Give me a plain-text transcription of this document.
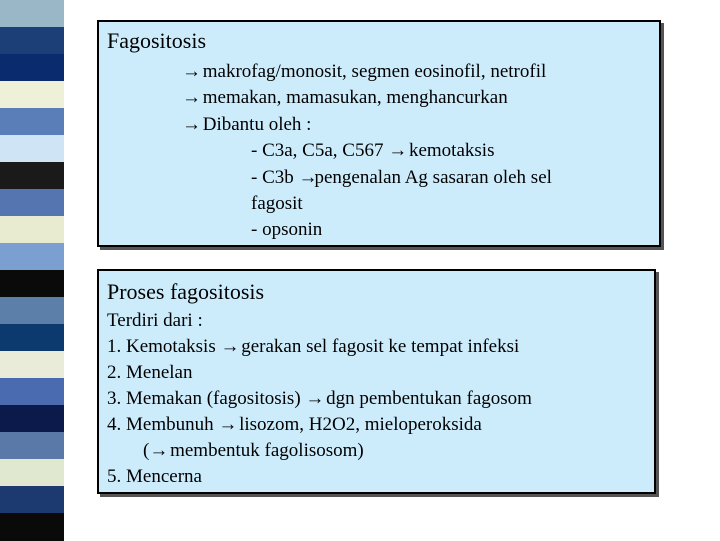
Fagositosis
→ makrofag/monosit, segmen eosinofil, netrofil
→ memakan, mamasukan, menghancurkan
→ Dibantu oleh :
- C3a, C5a, C567 → kemotaksis
- C3b →pengenalan Ag sasaran oleh sel
fagosit
- opsonin
Proses fagositosis
Terdiri dari :
1. Kemotaksis → gerakan sel fagosit ke tempat infeksi
2. Menelan
3. Memakan (fagositosis) → dgn pembentukan fagosom
4. Membunuh → lisozom, H2O2, mieloperoksida
(→ membentuk fagolisosom)
5. Mencerna
